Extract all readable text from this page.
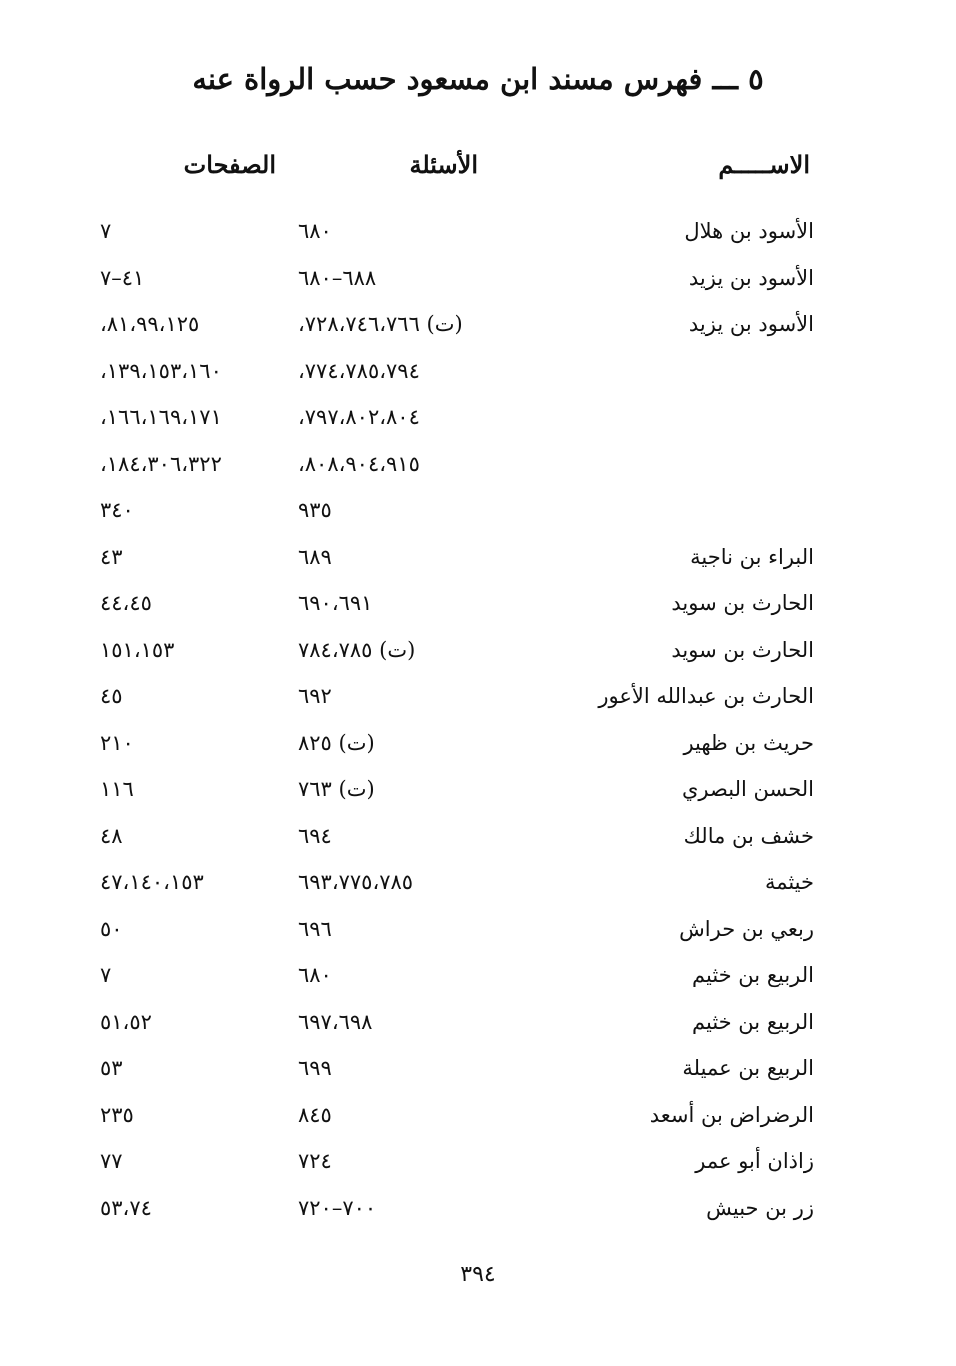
٥ ـــ فهرس مسند ابن مسعود حسب الرواة عنه
الاســـــم
الأسئلة
الصفحات
الأسود بن هلال
٦٨٠
٧
الأسود بن يزيد
٦٨٨–٦٨٠
٤١–٧
الأسود بن يزيد
(ت) ٧٢٨،٧٤٦،٧٦٦،
٨١،٩٩،١٢٥،
٧٧٤،٧٨٥،٧٩٤،
١٣٩،١٥٣،١٦٠،
٧٩٧،٨٠٢،٨٠٤،
١٦٦،١٦٩،١٧١،
٨٠٨،٩٠٤،٩١٥،
١٨٤،٣٠٦،٣٢٢،
٩٣٥
٣٤٠
البراء بن ناجية
٦٨٩
٤٣
الحارث بن سويد
٦٩٠،٦٩١
٤٤،٤٥
الحارث بن سويد
(ت) ٧٨٤،٧٨٥
١٥١،١٥٣
الحارث بن عبدالله الأعور
٦٩٢
٤٥
حريث بن ظهير
(ت) ٨٢٥
٢١٠
الحسن البصري
(ت) ٧٦٣
١١٦
خشف بن مالك
٦٩٤
٤٨
خيثمة
٦٩٣،٧٧٥،٧٨٥
٤٧،١٤٠،١٥٣
ربعي بن حراش
٦٩٦
٥٠
الربيع بن خثيم
٦٨٠
٧
الربيع بن خثيم
٦٩٧،٦٩٨
٥١،٥٢
الربيع بن عميلة
٦٩٩
٥٣
الرضراض بن أسعد
٨٤٥
٢٣٥
زاذان أبو عمر
٧٢٤
٧٧
زر بن حبيش
٧٠٠–٧٢٠
٥٣،٧٤
٣٩٤
